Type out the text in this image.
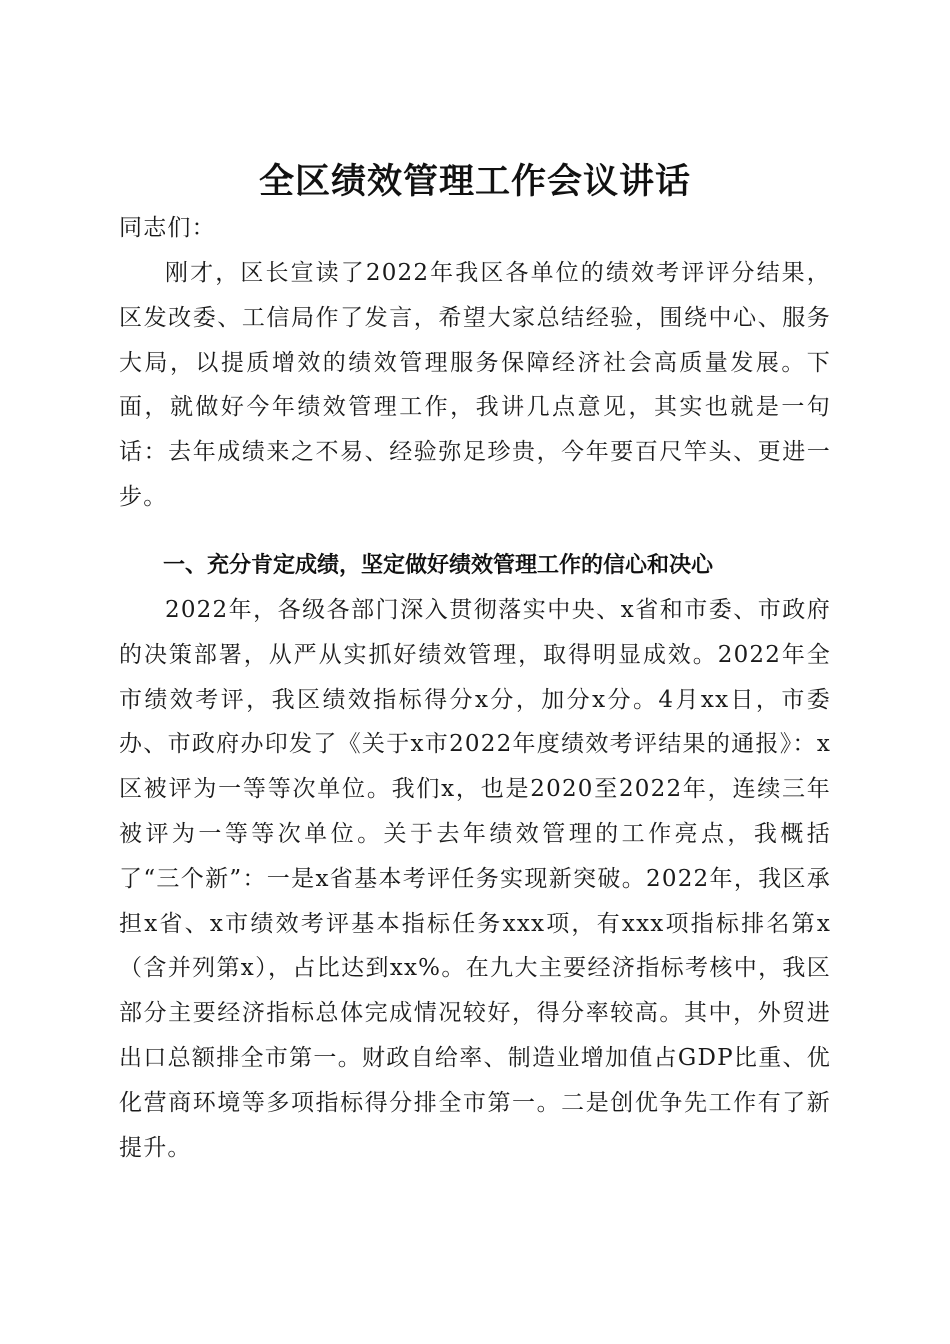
全区绩效管理工作会议讲话

同志们：

刚才，区长宣读了2022年我区各单位的绩效考评评分结果，区发改委、工信局作了发言，希望大家总结经验，围绕中心、服务大局，以提质增效的绩效管理服务保障经济社会高质量发展。下面，就做好今年绩效管理工作，我讲几点意见，其实也就是一句话：去年成绩来之不易、经验弥足珍贵，今年要百尺竿头、更进一步。

一、充分肯定成绩，坚定做好绩效管理工作的信心和决心

2022年，各级各部门深入贯彻落实中央、x省和市委、市政府的决策部署，从严从实抓好绩效管理，取得明显成效。2022年全市绩效考评，我区绩效指标得分x分，加分x分。4月xx日，市委办、市政府办印发了《关于x市2022年度绩效考评结果的通报》：x区被评为一等等次单位。我们x，也是2020至2022年，连续三年被评为一等等次单位。关于去年绩效管理的工作亮点，我概括了“三个新”：一是x省基本考评任务实现新突破。2022年，我区承担x省、x市绩效考评基本指标任务xxx项，有xxx项指标排名第x（含并列第x），占比达到xx%。在九大主要经济指标考核中，我区部分主要经济指标总体完成情况较好，得分率较高。其中，外贸进出口总额排全市第一。财政自给率、制造业增加值占GDP比重、优化营商环境等多项指标得分排全市第一。二是创优争先工作有了新提升。
